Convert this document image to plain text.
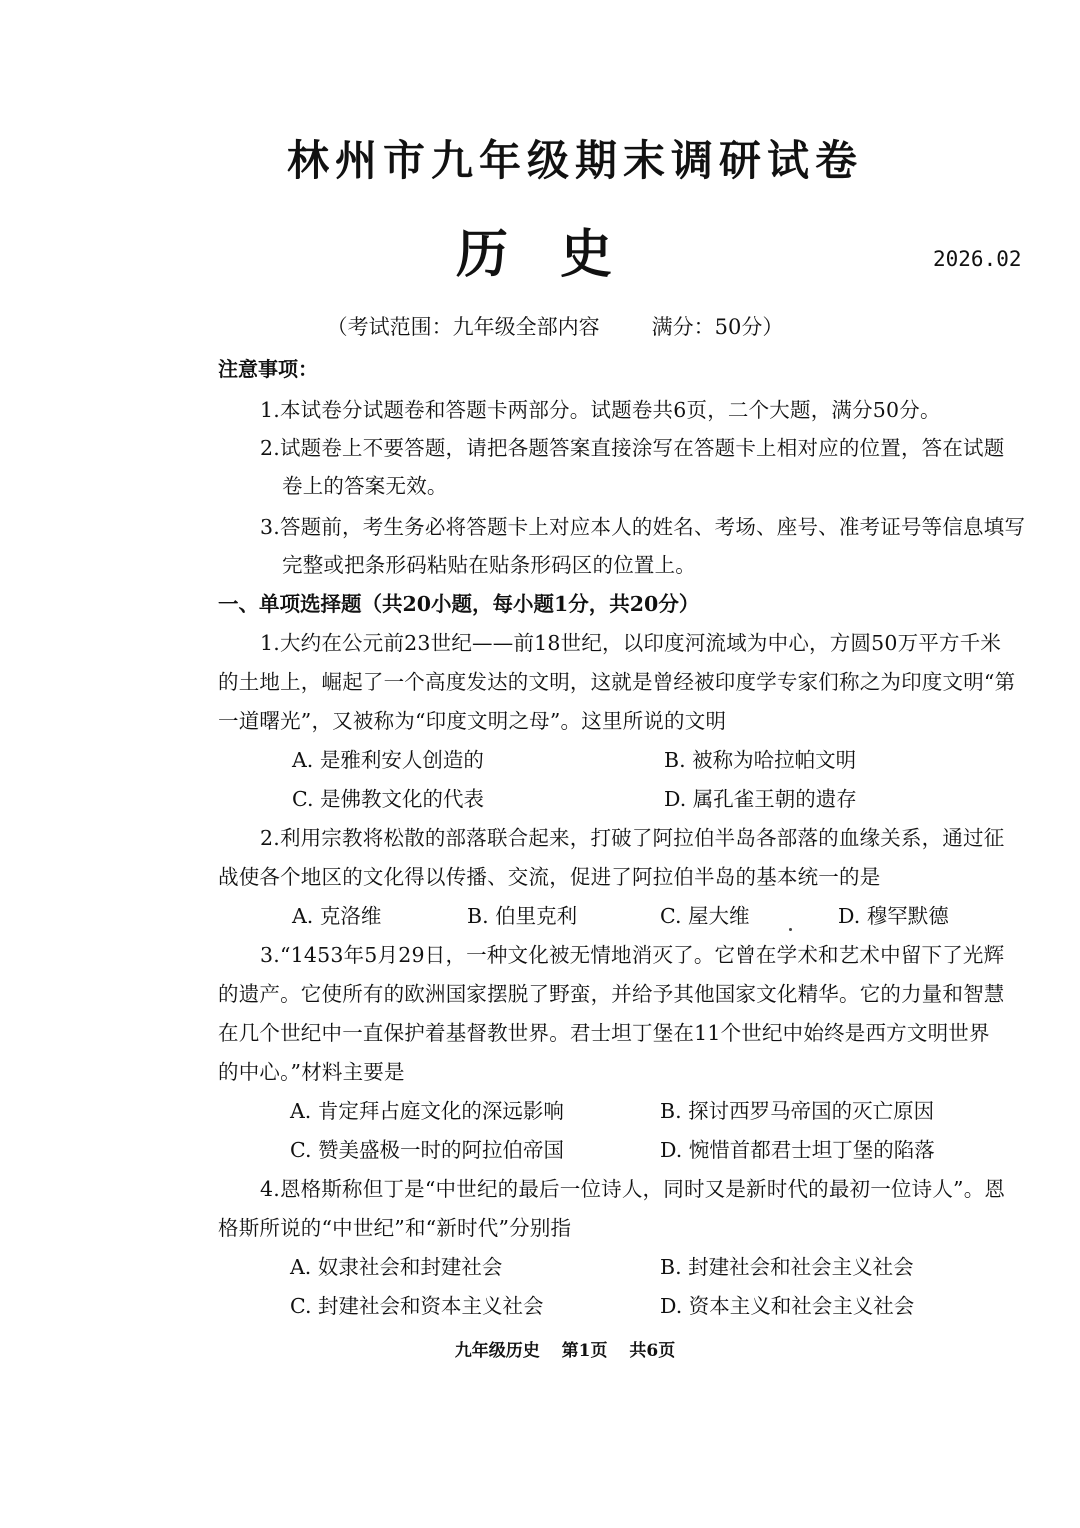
林州市九年级期末调研试卷
历史	2026.02
（考试范围：九年级全部内容 满分：50分）
注意事项：
1.本试卷分试题卷和答题卡两部分。试题卷共6页，二个大题，满分50分。
2.试题卷上不要答题，请把各题答案直接涂写在答题卡上相对应的位置，答在试题
卷上的答案无效。
3.答题前，考生务必将答题卡上对应本人的姓名、考场、座号、准考证号等信息填写
完整或把条形码粘贴在贴条形码区的位置上。
一、单项选择题（共20小题，每小题1分，共20分）
1.大约在公元前23世纪——前18世纪，以印度河流域为中心，方圆50万平方千米
的土地上，崛起了一个高度发达的文明，这就是曾经被印度学专家们称之为印度文明“第
一道曙光”，又被称为“印度文明之母”。这里所说的文明
A. 是雅利安人创造的	B. 被称为哈拉帕文明
C. 是佛教文化的代表	D. 属孔雀王朝的遗存
2.利用宗教将松散的部落联合起来，打破了阿拉伯半岛各部落的血缘关系，通过征
战使各个地区的文化得以传播、交流，促进了阿拉伯半岛的基本统一的是
A. 克洛维	B. 伯里克利	C. 屋大维	D. 穆罕默德
3.“1453年5月29日，一种文化被无情地消灭了。它曾在学术和艺术中留下了光辉
的遗产。它使所有的欧洲国家摆脱了野蛮，并给予其他国家文化精华。它的力量和智慧
在几个世纪中一直保护着基督教世界。君士坦丁堡在11个世纪中始终是西方文明世界
的中心。”材料主要是
A. 肯定拜占庭文化的深远影响	B. 探讨西罗马帝国的灭亡原因
C. 赞美盛极一时的阿拉伯帝国	D. 惋惜首都君士坦丁堡的陷落
4.恩格斯称但丁是“中世纪的最后一位诗人，同时又是新时代的最初一位诗人”。恩
格斯所说的“中世纪”和“新时代”分别指
A. 奴隶社会和封建社会	B. 封建社会和社会主义社会
C. 封建社会和资本主义社会	D. 资本主义和社会主义社会
九年级历史 第1页 共6页
